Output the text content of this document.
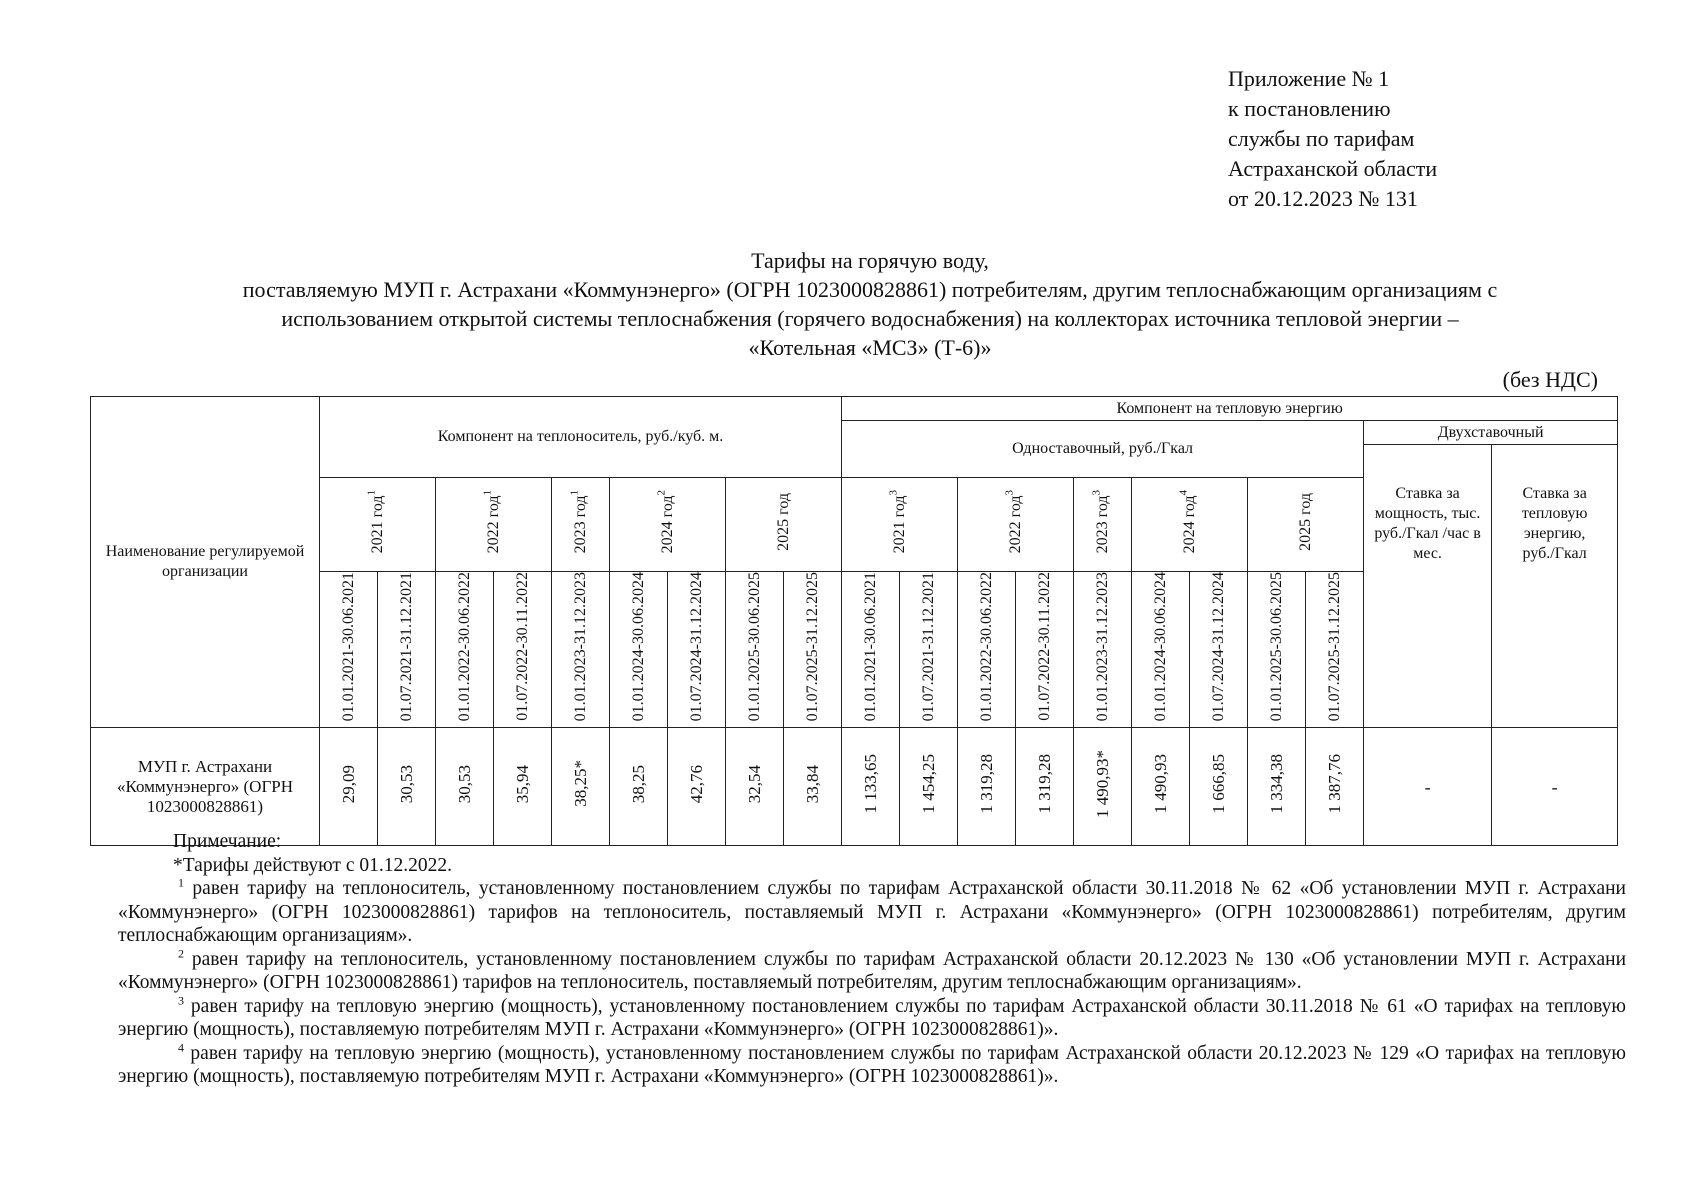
Приложение № 1
к постановлению
службы по тарифам
Астраханской области
от 20.12.2023 № 131
Тарифы на горячую воду,
поставляемую МУП г. Астрахани «Коммунэнерго» (ОГРН 1023000828861) потребителям, другим теплоснабжающим организациям с
использованием открытой системы теплоснабжения (горячего водоснабжения) на коллекторах источника тепловой энергии –
«Котельная «МСЗ» (Т-6)»
(без НДС)
Наименование регулируемой организации	Компонент на теплоноситель, руб./куб. м.									Компонент на тепловую энергию										
										Одноставочный, руб./Гкал									Двухставочный	

																			Ставка за мощность, тыс. руб./Гкал /час в мес.	Ставка за тепловую энергию, руб./Гкал

	2021 год$^1$		2022 год$^1$		2023 год$^1$	2024 год$^2$		2025 год		2021 год$^3$		2022 год$^3$		2023 год$^3$	2024 год$^4$		2025 год			
	01.01.2021-30.06.2021	01.07.2021-31.12.2021	01.01.2022-30.06.2022	01.07.2022-30.11.2022	01.01.2023-31.12.2023	01.01.2024-30.06.2024	01.07.2024-31.12.2024	01.01.2025-30.06.2025	01.07.2025-31.12.2025	01.01.2021-30.06.2021	01.07.2021-31.12.2021	01.01.2022-30.06.2022	01.07.2022-30.11.2022	01.01.2023-31.12.2023	01.01.2024-30.06.2024	01.07.2024-31.12.2024	01.01.2025-30.06.2025	01.07.2025-31.12.2025		

МУП г. Астрахани «Коммунэнерго» (ОГРН 1023000828861)	29,09	30,53	30,53	35,94	38,25*	38,25	42,76	32,54	33,84	1 133,65	1 454,25	1 319,28	1 319,28	1 490,93*	1 490,93	1 666,85	1 334,38	1 387,76	-	-
Примечание:
*Тарифы действуют с 01.12.2022.

$^1$ равен тарифу на теплоноситель, установленному постановлением службы по тарифам Астраханской области 30.11.2018 № 62 «Об установлении МУП г. Астрахани «Коммунэнерго» (ОГРН 1023000828861) тарифов на теплоноситель, поставляемый МУП г. Астрахани «Коммунэнерго» (ОГРН 1023000828861) потребителям, другим теплоснабжающим организациям».

$^2$ равен тарифу на теплоноситель, установленному постановлением службы по тарифам Астраханской области 20.12.2023 № 130 «Об установлении МУП г. Астрахани «Коммунэнерго» (ОГРН 1023000828861) тарифов на теплоноситель, поставляемый потребителям, другим теплоснабжающим организациям».

$^3$ равен тарифу на тепловую энергию (мощность), установленному постановлением службы по тарифам Астраханской области 30.11.2018 № 61 «О тарифах на тепловую энергию (мощность), поставляемую потребителям МУП г. Астрахани «Коммунэнерго» (ОГРН 1023000828861)».

$^4$ равен тарифу на тепловую энергию (мощность), установленному постановлением службы по тарифам Астраханской области 20.12.2023 № 129 «О тарифах на тепловую энергию (мощность), поставляемую потребителям МУП г. Астрахани «Коммунэнерго» (ОГРН 1023000828861)».
